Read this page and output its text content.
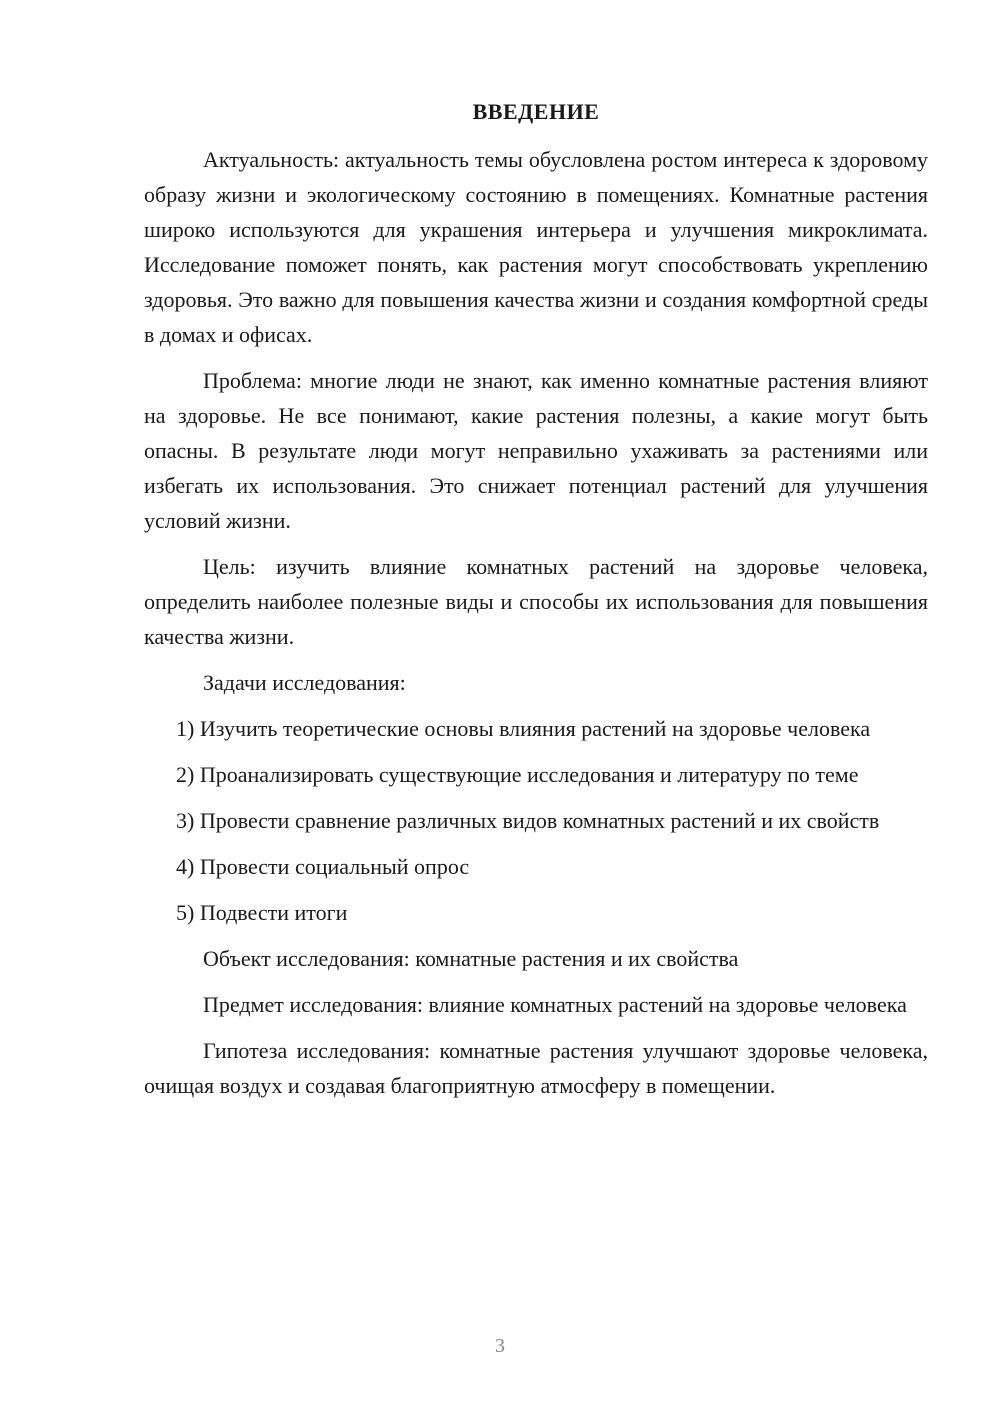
ВВЕДЕНИЕ

Актуальность: актуальность темы обусловлена ростом интереса к здоровому образу жизни и экологическому состоянию в помещениях. Комнатные растения широко используются для украшения интерьера и улучшения микроклимата. Исследование поможет понять, как растения могут способствовать укреплению здоровья. Это важно для повышения качества жизни и создания комфортной среды в домах и офисах.

Проблема: многие люди не знают, как именно комнатные растения влияют на здоровье. Не все понимают, какие растения полезны, а какие могут быть опасны. В результате люди могут неправильно ухаживать за растениями или избегать их использования. Это снижает потенциал растений для улучшения условий жизни.

Цель: изучить влияние комнатных растений на здоровье человека, определить наиболее полезные виды и способы их использования для повышения качества жизни.

Задачи исследования:

1) Изучить теоретические основы влияния растений на здоровье человека

2) Проанализировать существующие исследования и литературу по теме

3) Провести сравнение различных видов комнатных растений и их свойств

4) Провести социальный опрос

5) Подвести итоги

Объект исследования: комнатные растения и их свойства

Предмет исследования: влияние комнатных растений на здоровье человека

Гипотеза исследования: комнатные растения улучшают здоровье человека, очищая воздух и создавая благоприятную атмосферу в помещении.

3
